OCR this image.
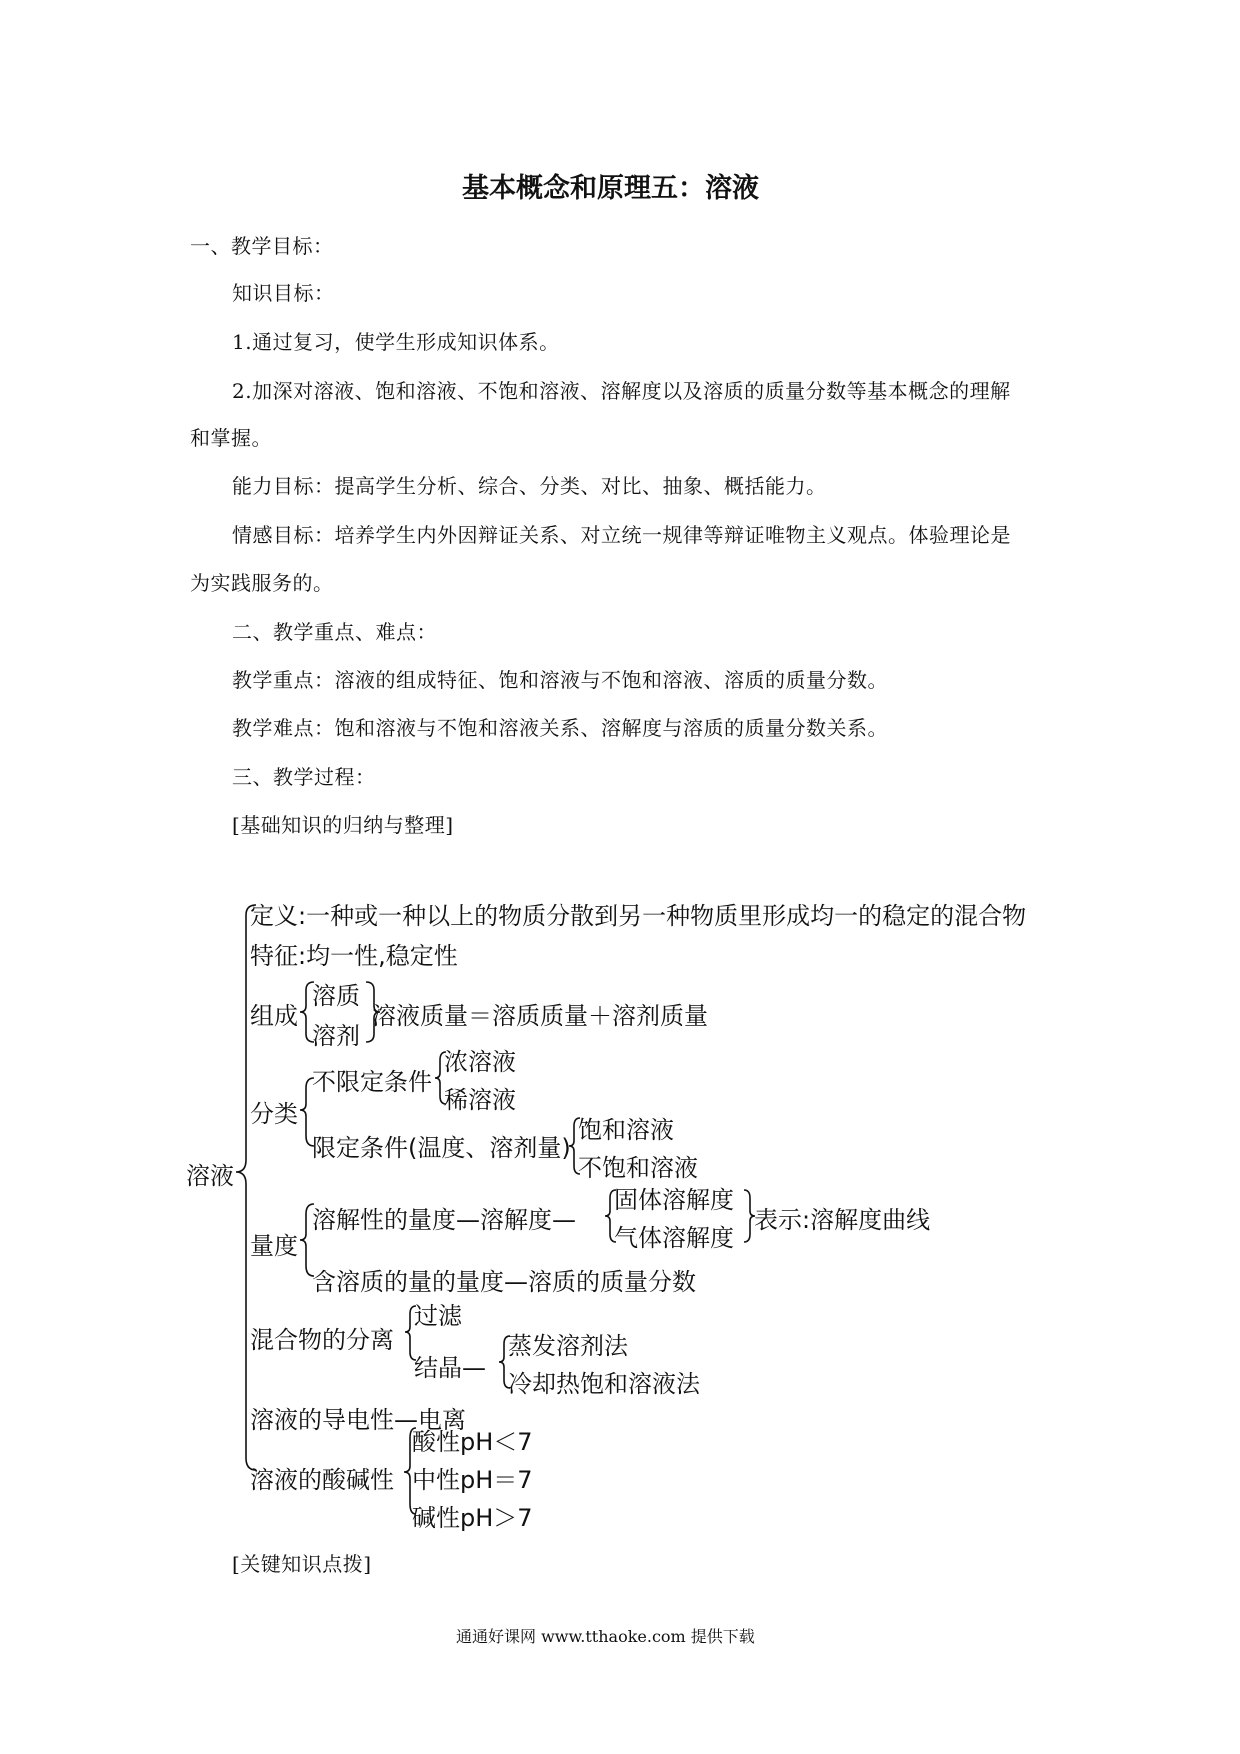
基本概念和原理五：溶液
一、教学目标：
知识目标：
1.通过复习，使学生形成知识体系。
2.加深对溶液、饱和溶液、不饱和溶液、溶解度以及溶质的质量分数等基本概念的理解
和掌握。
能力目标：提高学生分析、综合、分类、对比、抽象、概括能力。
情感目标：培养学生内外因辩证关系、对立统一规律等辩证唯物主义观点。体验理论是
为实践服务的。
二、教学重点、难点：
教学重点：溶液的组成特征、饱和溶液与不饱和溶液、溶质的质量分数。
教学难点：饱和溶液与不饱和溶液关系、溶解度与溶质的质量分数关系。
三、教学过程：
[基础知识的归纳与整理]
溶液
定义:一种或一种以上的物质分散到另一种物质里形成均一的稳定的混合物
特征:均一性,稳定性
组成
溶质
溶剂
溶液质量＝溶质质量＋溶剂质量
分类
不限定条件
浓溶液
稀溶液
限定条件(温度、溶剂量)
饱和溶液
不饱和溶液
量度
溶解性的量度—溶解度—
固体溶解度
气体溶解度
表示:溶解度曲线
含溶质的量的量度—溶质的质量分数
混合物的分离
过滤
结晶—
蒸发溶剂法
冷却热饱和溶液法
溶液的导电性—电离
溶液的酸碱性
酸性pH＜7
中性pH＝7
碱性pH＞7
[关键知识点拨]
通通好课网 www.tthaoke.com 提供下载
